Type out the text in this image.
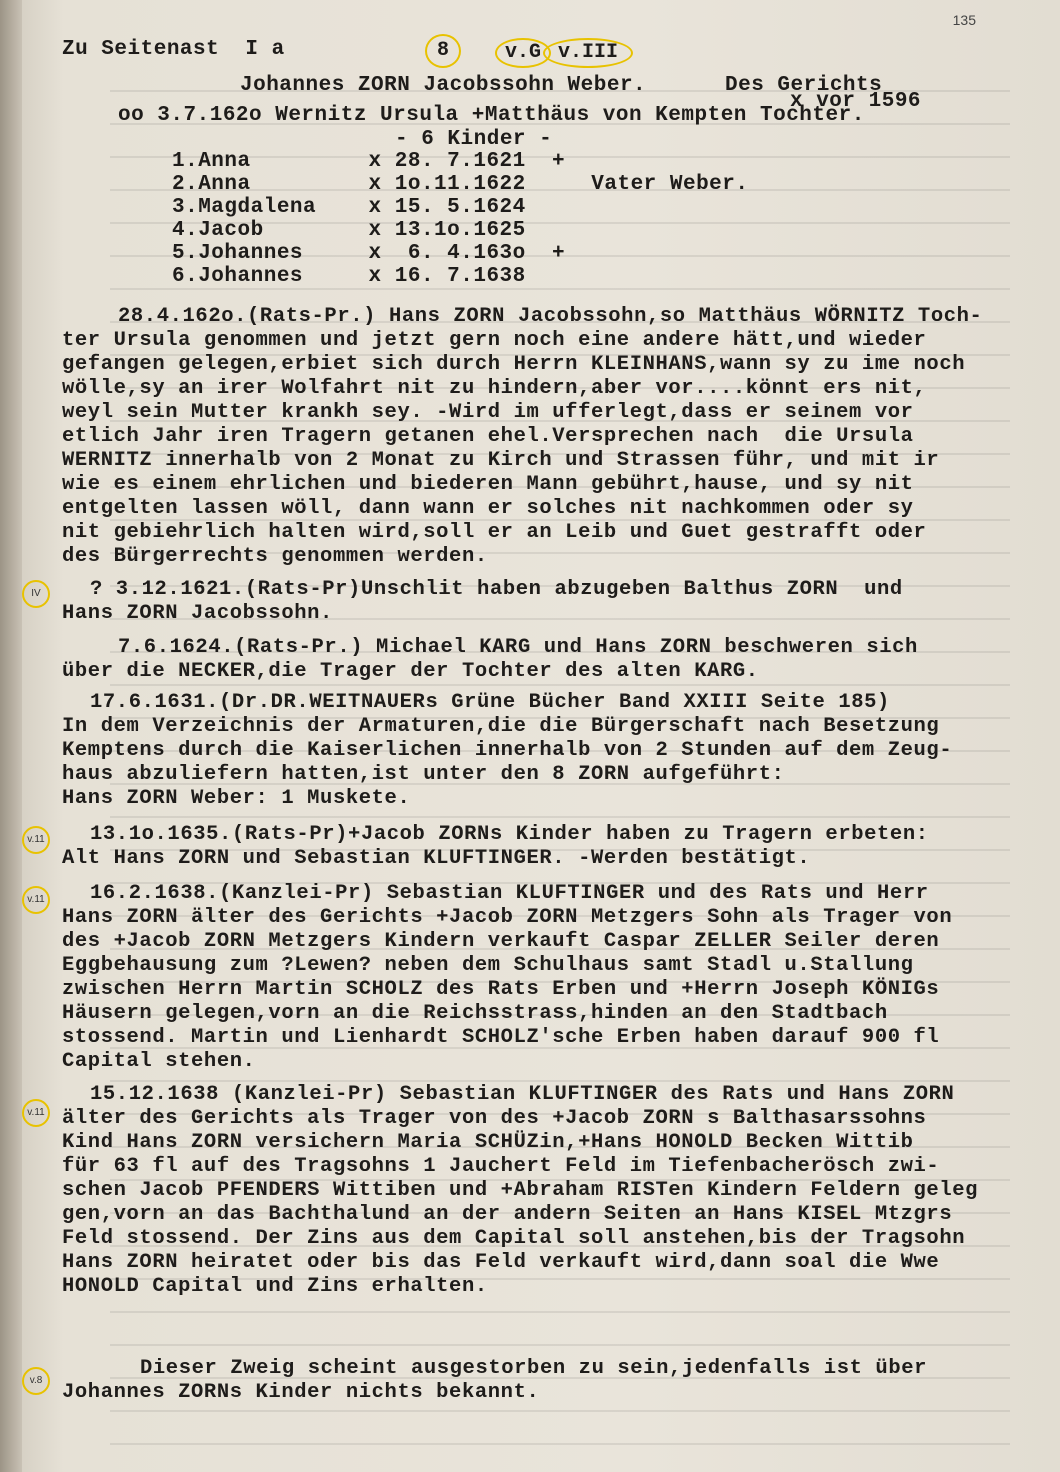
135
Zu Seitenast  I a	8	v.G v.III
Johannes ZORN Jacobssohn Weber.	Des Gerichts
x vor 1596
oo 3.7.162o Wernitz Ursula +Matthäus von Kempten Tochter.
- 6 Kinder -
1.Anna         x 28. 7.1621  +
2.Anna         x 1o.11.1622     Vater Weber.
3.Magdalena    x 15. 5.1624
4.Jacob        x 13.1o.1625
5.Johannes     x  6. 4.163o  +
6.Johannes     x 16. 7.1638
28.4.162o.(Rats-Pr.) Hans ZORN Jacobssohn,so Matthäus WÖRNITZ Toch-
ter Ursula genommen und jetzt gern noch eine andere hätt,und wieder
gefangen gelegen,erbiet sich durch Herrn KLEINHANS,wann sy zu ime noch
wölle,sy an irer Wolfahrt nit zu hindern,aber vor....könnt ers nit,
weyl sein Mutter krankh sey. -Wird im ufferlegt,dass er seinem vor
etlich Jahr iren Tragern getanen ehel.Versprechen nach  die Ursula
WERNITZ innerhalb von 2 Monat zu Kirch und Strassen führ, und mit ir
wie es einem ehrlichen und biederen Mann gebührt,hause, und sy nit
entgelten lassen wöll, dann wann er solches nit nachkommen oder sy
nit gebiehrlich halten wird,soll er an Leib und Guet gestrafft oder
des Bürgerrechts genommen werden.
? 3.12.1621.(Rats-Pr)Unschlit haben abzugeben Balthus ZORN  und
Hans ZORN Jacobssohn.
7.6.1624.(Rats-Pr.) Michael KARG und Hans ZORN beschweren sich
über die NECKER,die Trager der Tochter des alten KARG.
17.6.1631.(Dr.DR.WEITNAUERs Grüne Bücher Band XXIII Seite 185)
In dem Verzeichnis der Armaturen,die die Bürgerschaft nach Besetzung
Kemptens durch die Kaiserlichen innerhalb von 2 Stunden auf dem Zeug-
haus abzuliefern hatten,ist unter den 8 ZORN aufgeführt:
Hans ZORN Weber: 1 Muskete.
13.1o.1635.(Rats-Pr)+Jacob ZORNs Kinder haben zu Tragern erbeten:
Alt Hans ZORN und Sebastian KLUFTINGER. -Werden bestätigt.
16.2.1638.(Kanzlei-Pr) Sebastian KLUFTINGER und des Rats und Herr
Hans ZORN älter des Gerichts +Jacob ZORN Metzgers Sohn als Trager von
des +Jacob ZORN Metzgers Kindern verkauft Caspar ZELLER Seiler deren
Eggbehausung zum ?Lewen? neben dem Schulhaus samt Stadl u.Stallung
zwischen Herrn Martin SCHOLZ des Rats Erben und +Herrn Joseph KÖNIGs
Häusern gelegen,vorn an die Reichsstrass,hinden an den Stadtbach
stossend. Martin und Lienhardt SCHOLZ'sche Erben haben darauf 900 fl
Capital stehen.
15.12.1638 (Kanzlei-Pr) Sebastian KLUFTINGER des Rats und Hans ZORN
älter des Gerichts als Trager von des +Jacob ZORN s Balthasarssohns
Kind Hans ZORN versichern Maria SCHÜZin,+Hans HONOLD Becken Wittib
für 63 fl auf des Tragsohns 1 Jauchert Feld im Tiefenbacherösch zwi-
schen Jacob PFENDERS Wittiben und +Abraham RISTen Kindern Feldern geleg
gen,vorn an das Bachthalund an der andern Seiten an Hans KISEL Mtzgrs
Feld stossend. Der Zins aus dem Capital soll anstehen,bis der Tragsohn
Hans ZORN heiratet oder bis das Feld verkauft wird,dann soal die Wwe
HONOLD Capital und Zins erhalten.
Dieser Zweig scheint ausgestorben zu sein,jedenfalls ist über
Johannes ZORNs Kinder nichts bekannt.
IV
v.11
v.11
v.11
v.8
